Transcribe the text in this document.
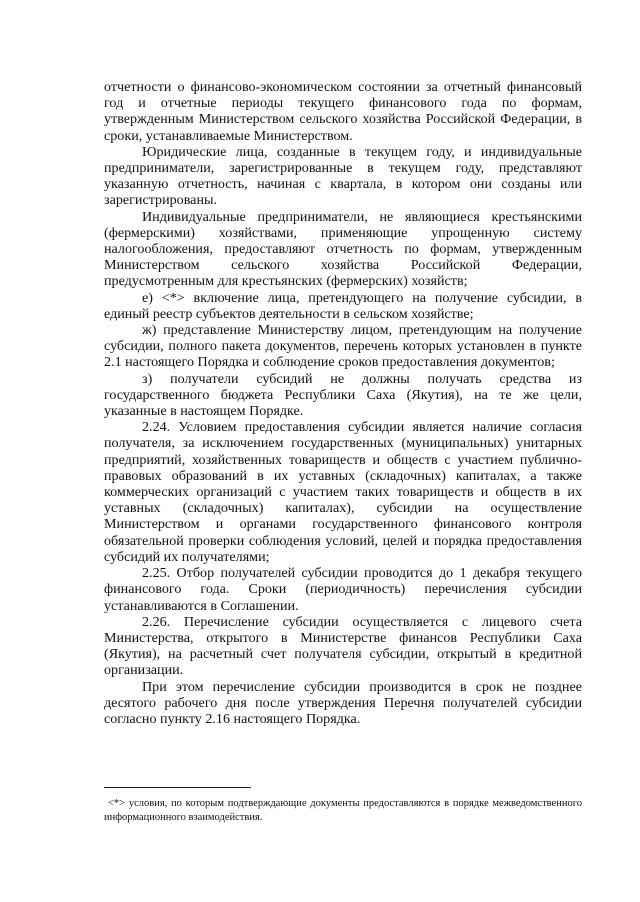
отчетности о финансово-экономическом состоянии за отчетный финансовый год и отчетные периоды текущего финансового года по формам, утвержденным Министерством сельского хозяйства Российской Федерации, в сроки, устанавливаемые Министерством.

Юридические лица, созданные в текущем году, и индивидуальные предприниматели, зарегистрированные в текущем году, представляют указанную отчетность, начиная с квартала, в котором они созданы или зарегистрированы.

Индивидуальные предприниматели, не являющиеся крестьянскими (фермерскими) хозяйствами, применяющие упрощенную систему налогообложения, предоставляют отчетность по формам, утвержденным Министерством сельского хозяйства Российской Федерации, предусмотренным для крестьянских (фермерских) хозяйств;

е) <*> включение лица, претендующего на получение субсидии, в единый реестр субъектов деятельности в сельском хозяйстве;

ж) представление Министерству лицом, претендующим на получение субсидии, полного пакета документов, перечень которых установлен в пункте 2.1 настоящего Порядка и соблюдение сроков предоставления документов;

з) получатели субсидий не должны получать средства из государственного бюджета Республики Саха (Якутия), на те же цели, указанные в настоящем Порядке.

2.24. Условием предоставления субсидии является наличие согласия получателя, за исключением государственных (муниципальных) унитарных предприятий, хозяйственных товариществ и обществ с участием публично-правовых образований в их уставных (складочных) капиталах, а также коммерческих организаций с участием таких товариществ и обществ в их уставных (складочных) капиталах), субсидии на осуществление Министерством и органами государственного финансового контроля обязательной проверки соблюдения условий, целей и порядка предоставления субсидий их получателями;

2.25. Отбор получателей субсидии проводится до 1 декабря текущего финансового года. Сроки (периодичность) перечисления субсидии устанавливаются в Соглашении.

2.26. Перечисление субсидии осуществляется с лицевого счета Министерства, открытого в Министерстве финансов Республики Саха (Якутия), на расчетный счет получателя субсидии, открытый в кредитной организации.

При этом перечисление субсидии производится в срок не позднее десятого рабочего дня после утверждения Перечня получателей субсидии согласно пункту 2.16 настоящего Порядка.

<*> условия, по которым подтверждающие документы предоставляются в порядке межведомственного информационного взаимодействия.
